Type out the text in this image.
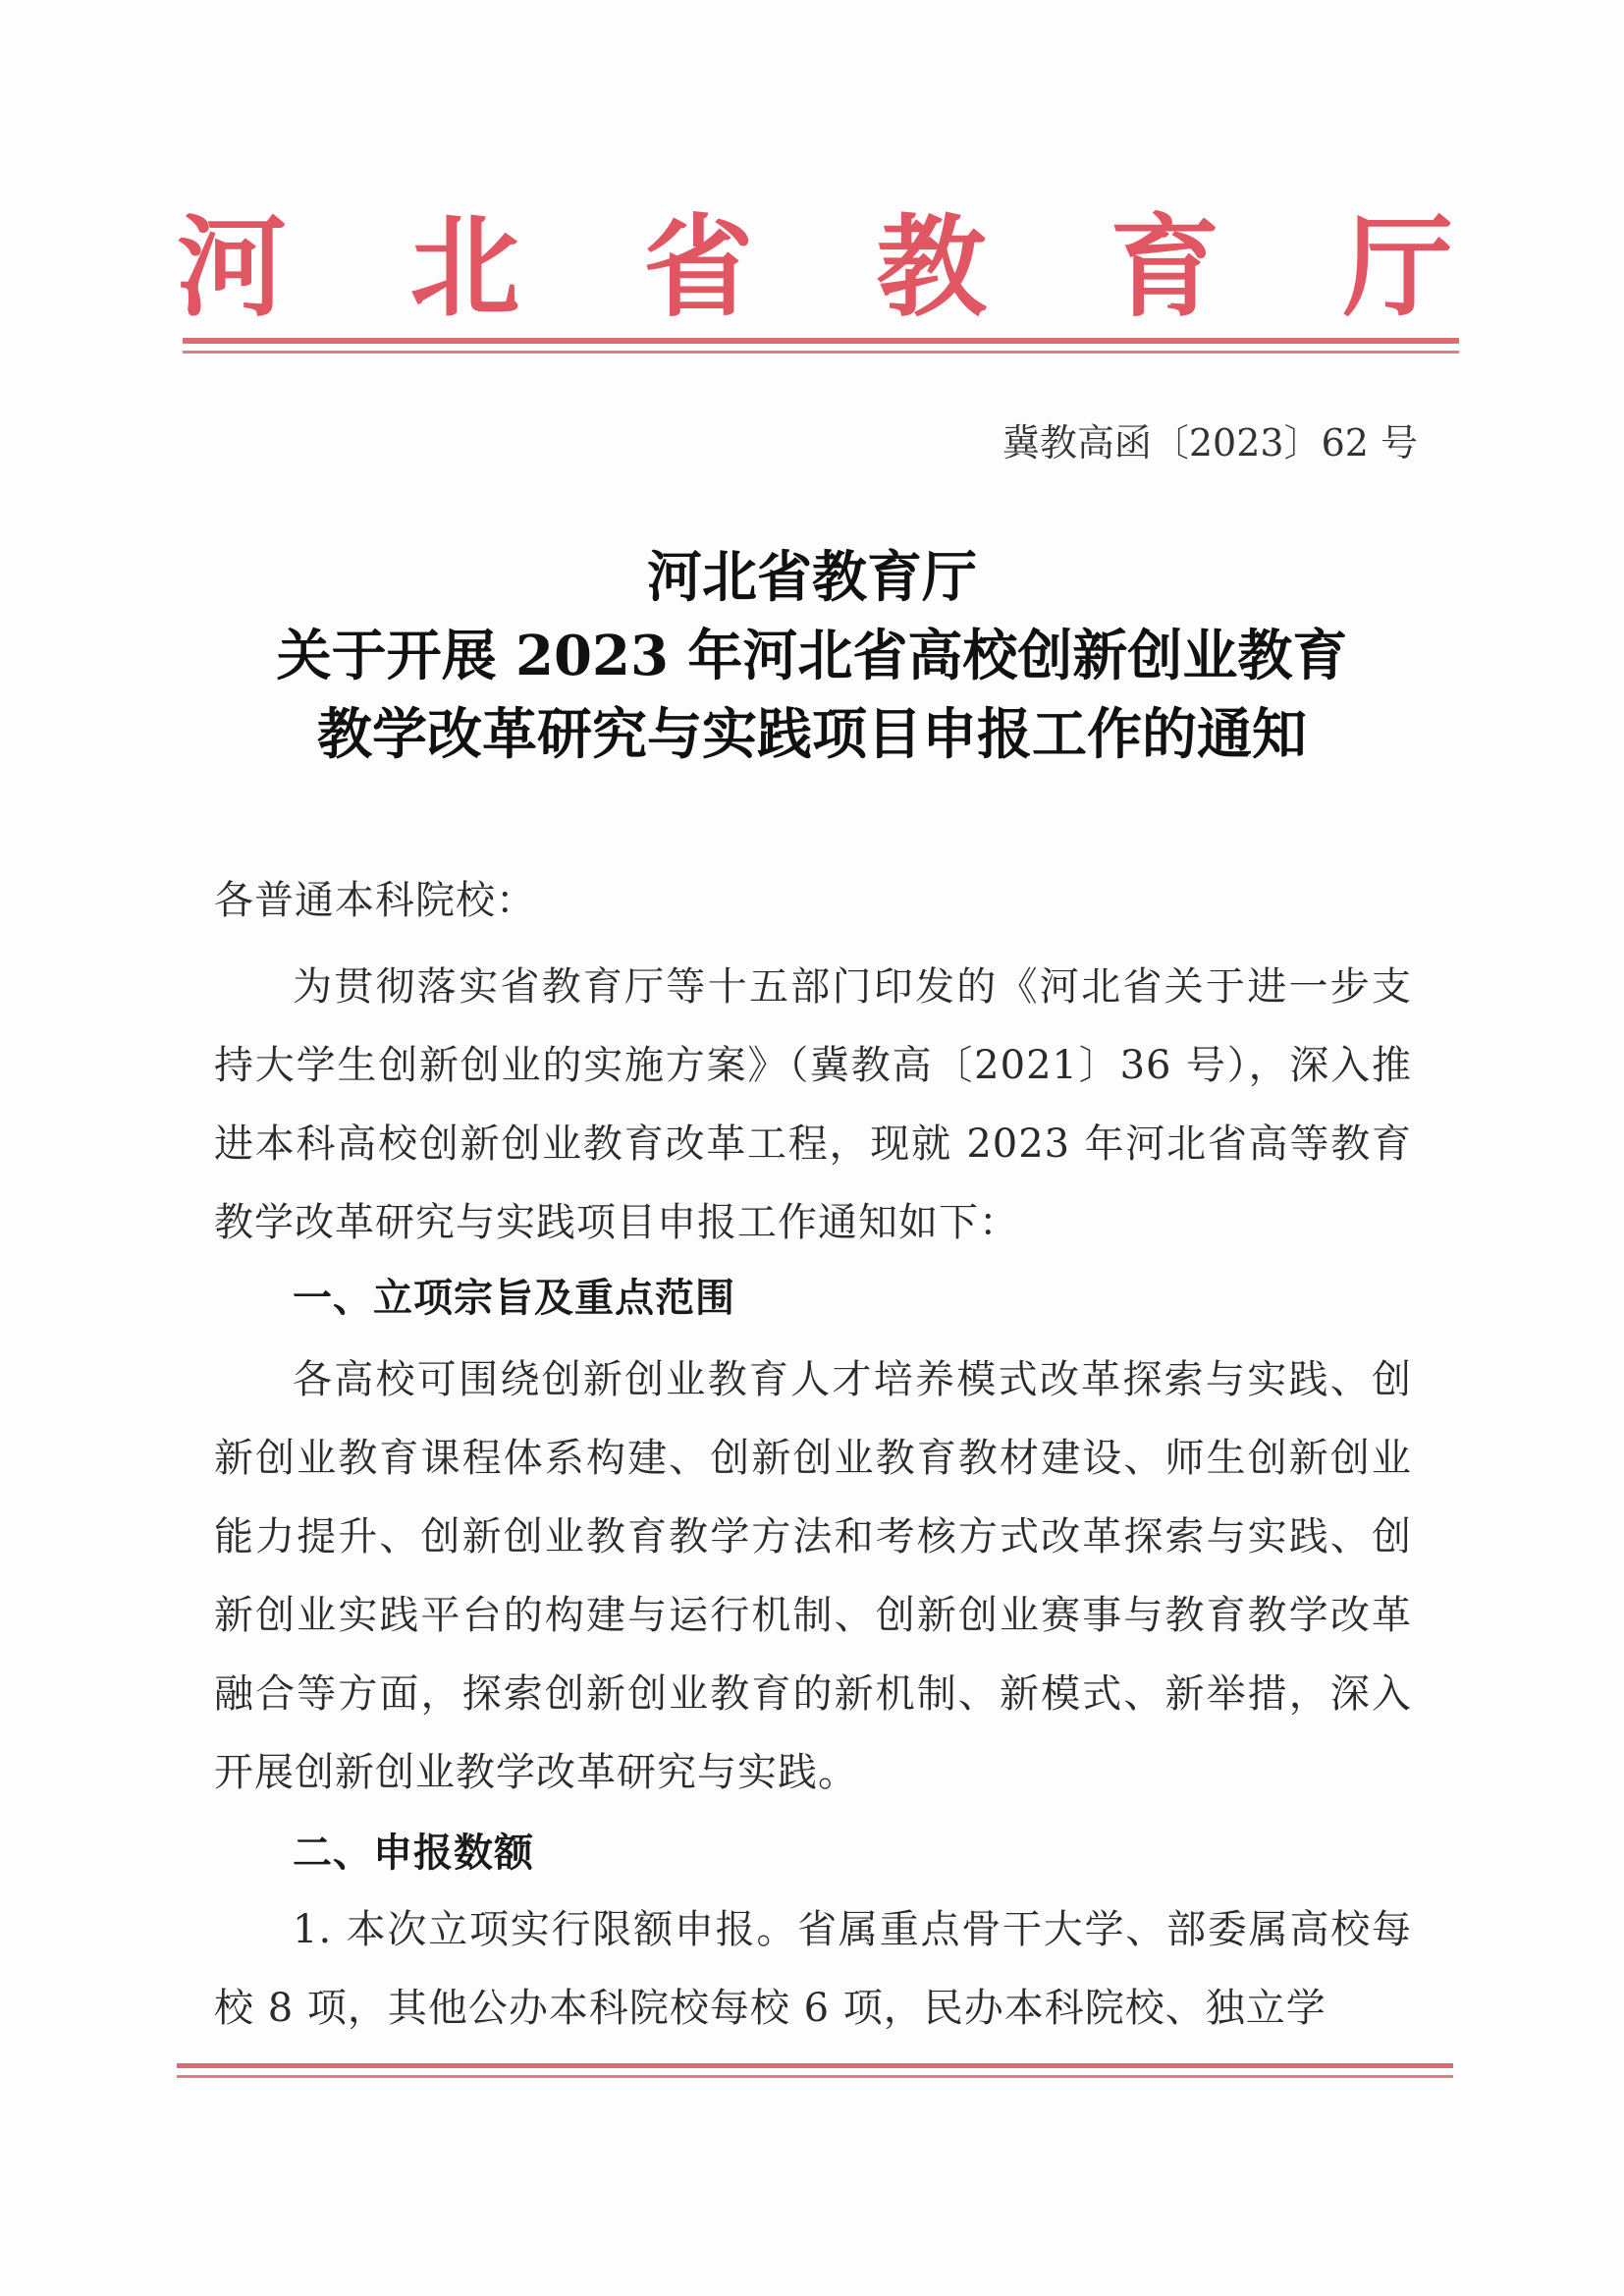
河 北 省 教 育 厅
冀教高函〔2023〕62 号
河北省教育厅
关于开展 2023 年河北省高校创新创业教育
教学改革研究与实践项目申报工作的通知
各普通本科院校：
为贯彻落实省教育厅等十五部门印发的《河北省关于进一步支持大学生创新创业的实施方案》（冀教高〔2021〕36 号），深入推进本科高校创新创业教育改革工程，现就 2023 年河北省高等教育教学改革研究与实践项目申报工作通知如下：
一、立项宗旨及重点范围
各高校可围绕创新创业教育人才培养模式改革探索与实践、创新创业教育课程体系构建、创新创业教育教材建设、师生创新创业能力提升、创新创业教育教学方法和考核方式改革探索与实践、创新创业实践平台的构建与运行机制、创新创业赛事与教育教学改革融合等方面，探索创新创业教育的新机制、新模式、新举措，深入开展创新创业教学改革研究与实践。
二、申报数额
1. 本次立项实行限额申报。省属重点骨干大学、部委属高校每校 8 项，其他公办本科院校每校 6 项，民办本科院校、独立学
